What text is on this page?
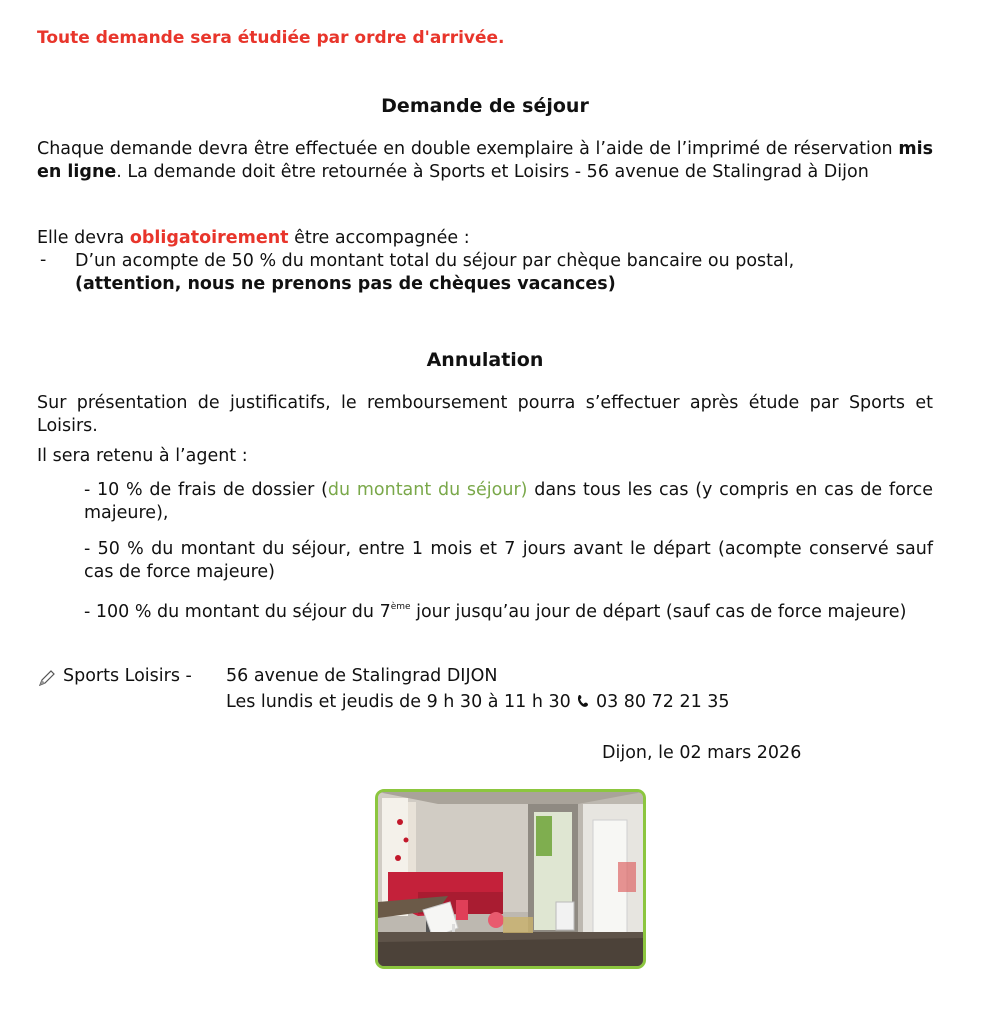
Toute demande sera étudiée par ordre d'arrivée.
Demande de séjour
Chaque demande devra être effectuée en double exemplaire à l’aide de l’imprimé de réservation mis en ligne. La demande doit être retournée à Sports et Loisirs - 56 avenue de Stalingrad à Dijon
Elle devra obligatoirement être accompagnée :
- D’un acompte de 50 % du montant total du séjour par chèque bancaire ou postal,
(attention, nous ne prenons pas de chèques vacances)
Annulation
Sur présentation de justificatifs, le remboursement pourra s’effectuer après étude par Sports et Loisirs.
Il sera retenu à l’agent :
- 10 % de frais de dossier (du montant du séjour) dans tous les cas (y compris en cas de force majeure),
- 50 % du montant du séjour, entre 1 mois et 7 jours avant le départ (acompte conservé sauf cas de force majeure)
- 100 % du montant du séjour du 7ème jour jusqu’au jour de départ (sauf cas de force majeure)
Sports Loisirs - 56 avenue de Stalingrad DIJON
Les lundis et jeudis de 9 h 30 à 11 h 30 03 80 72 21 35
Dijon, le 02 mars 2026
